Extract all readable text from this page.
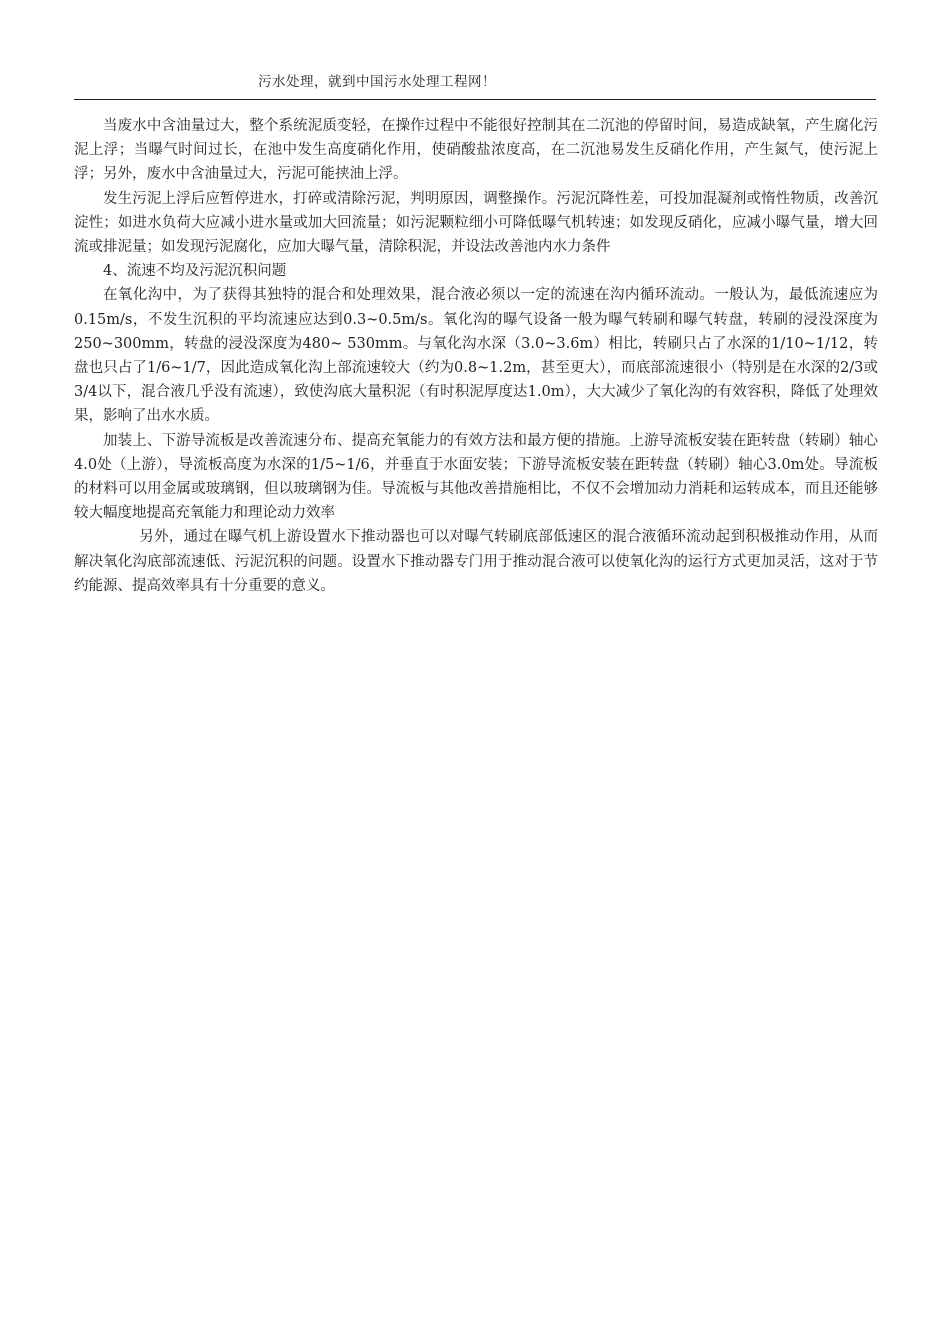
污水处理，就到中国污水处理工程网！

当废水中含油量过大，整个系统泥质变轻，在操作过程中不能很好控制其在二沉池的停留时间，易造成缺氧，产生腐化污泥上浮；当曝气时间过长，在池中发生高度硝化作用，使硝酸盐浓度高，在二沉池易发生反硝化作用，产生氮气，使污泥上浮；另外，废水中含油量过大，污泥可能挟油上浮。

发生污泥上浮后应暂停进水，打碎或清除污泥，判明原因，调整操作。污泥沉降性差，可投加混凝剂或惰性物质，改善沉淀性；如进水负荷大应减小进水量或加大回流量；如污泥颗粒细小可降低曝气机转速；如发现反硝化，应减小曝气量，增大回流或排泥量；如发现污泥腐化，应加大曝气量，清除积泥，并设法改善池内水力条件

4、流速不均及污泥沉积问题

在氧化沟中，为了获得其独特的混合和处理效果，混合液必须以一定的流速在沟内循环流动。一般认为，最低流速应为0.15m/s，不发生沉积的平均流速应达到0.3~0.5m/s。氧化沟的曝气设备一般为曝气转刷和曝气转盘，转刷的浸没深度为250~300mm，转盘的浸没深度为480~ 530mm。与氧化沟水深（3.0~3.6m）相比，转刷只占了水深的1/10~1/12，转盘也只占了1/6~1/7，因此造成氧化沟上部流速较大（约为0.8~1.2m，甚至更大），而底部流速很小（特别是在水深的2/3或3/4以下，混合液几乎没有流速），致使沟底大量积泥（有时积泥厚度达1.0m），大大减少了氧化沟的有效容积，降低了处理效果，影响了出水水质。

加装上、下游导流板是改善流速分布、提高充氧能力的有效方法和最方便的措施。上游导流板安装在距转盘（转刷）轴心4.0处（上游），导流板高度为水深的1/5~1/6，并垂直于水面安装；下游导流板安装在距转盘（转刷）轴心3.0m处。导流板的材料可以用金属或玻璃钢，但以玻璃钢为佳。导流板与其他改善措施相比，不仅不会增加动力消耗和运转成本，而且还能够较大幅度地提高充氧能力和理论动力效率

另外，通过在曝气机上游设置水下推动器也可以对曝气转刷底部低速区的混合液循环流动起到积极推动作用，从而解决氧化沟底部流速低、污泥沉积的问题。设置水下推动器专门用于推动混合液可以使氧化沟的运行方式更加灵活，这对于节约能源、提高效率具有十分重要的意义。
